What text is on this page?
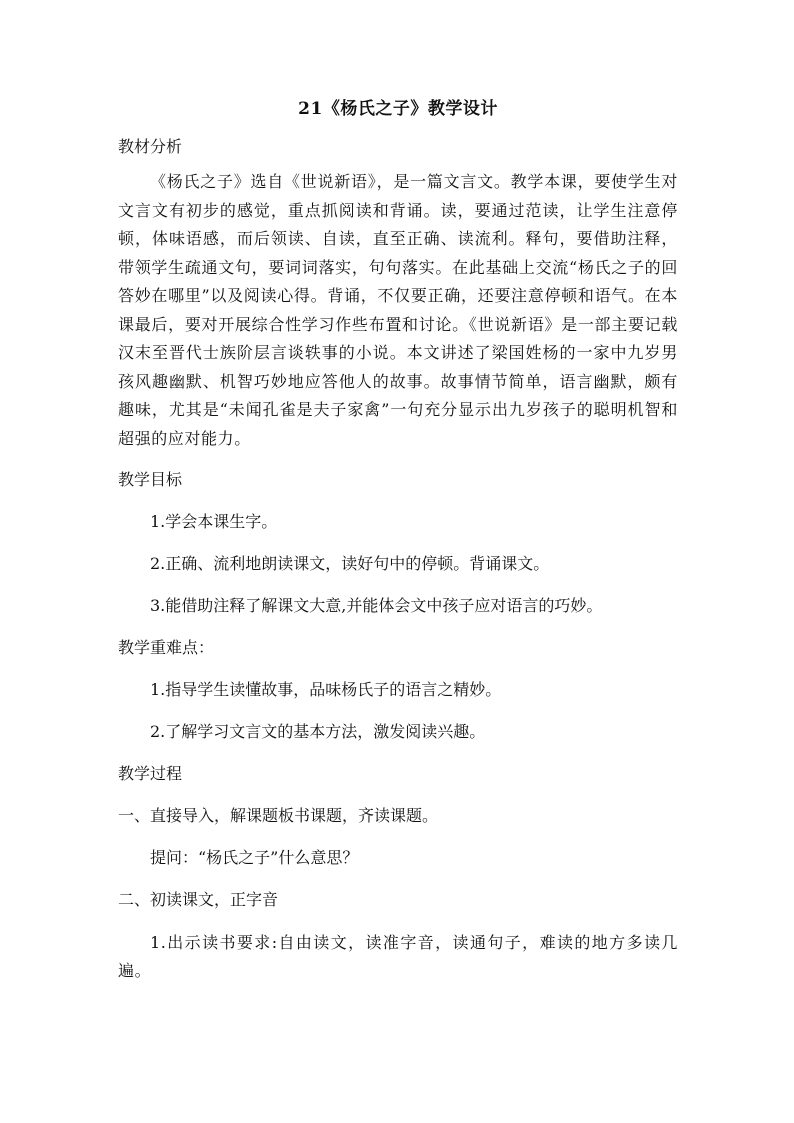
21《杨氏之子》教学设计

教材分析

《杨氏之子》选自《世说新语》，是一篇文言文。教学本课，要使学生对文言文有初步的感觉，重点抓阅读和背诵。读，要通过范读，让学生注意停顿，体味语感，而后领读、自读，直至正确、读流利。释句，要借助注释，带领学生疏通文句，要词词落实，句句落实。在此基础上交流“杨氏之子的回答妙在哪里”以及阅读心得。背诵，不仅要正确，还要注意停顿和语气。在本课最后，要对开展综合性学习作些布置和讨论。《世说新语》是一部主要记载汉末至晋代士族阶层言谈轶事的小说。本文讲述了梁国姓杨的一家中九岁男孩风趣幽默、机智巧妙地应答他人的故事。故事情节简单，语言幽默，颇有趣味，尤其是“未闻孔雀是夫子家禽”一句充分显示出九岁孩子的聪明机智和超强的应对能力。

教学目标

1.学会本课生字。

2.正确、流利地朗读课文，读好句中的停顿。背诵课文。

3.能借助注释了解课文大意,并能体会文中孩子应对语言的巧妙。

教学重难点：

1.指导学生读懂故事，品味杨氏子的语言之精妙。

2.了解学习文言文的基本方法，激发阅读兴趣。

教学过程

一、直接导入，解课题板书课题，齐读课题。

提问：“杨氏之子”什么意思？

二、初读课文，正字音

1.出示读书要求:自由读文，读准字音，读通句子，难读的地方多读几遍。
